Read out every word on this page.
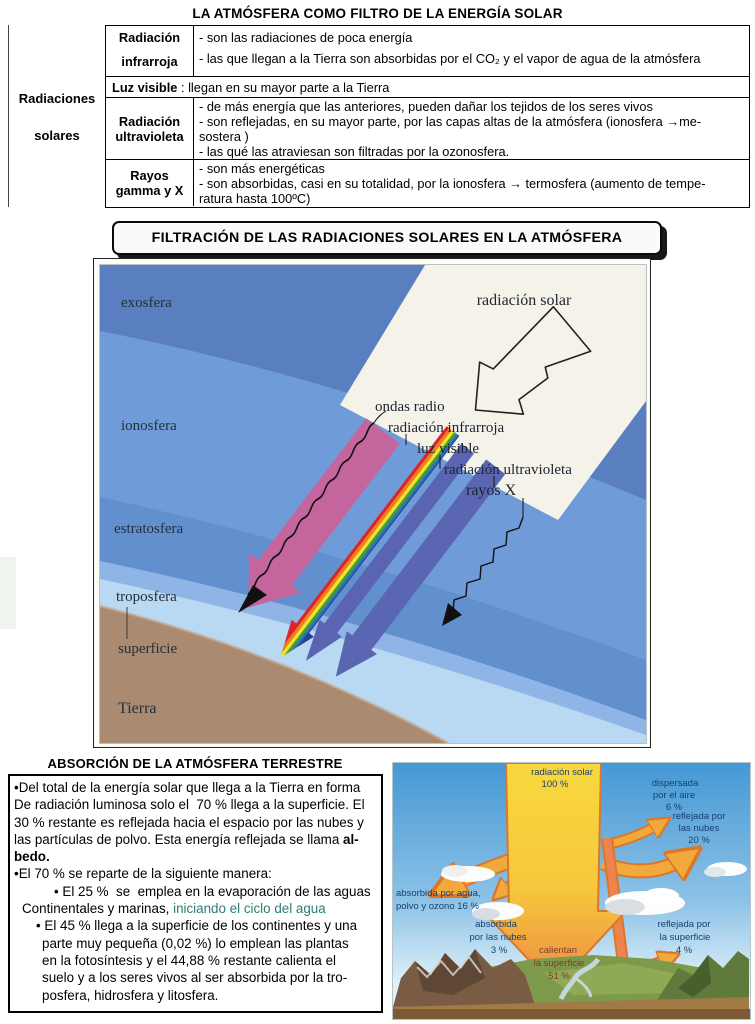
LA ATMÓSFERA COMO FILTRO DE LA ENERGÍA SOLAR
Radiaciones
solares
Radiación
infrarroja
- son las radiaciones de poca energía
- las que llegan a la Tierra son absorbidas por el CO₂ y el vapor de agua de la atmósfera
Luz visible : llegan en su mayor parte a la Tierra
Radiación
ultravioleta
- de más energía que las anteriores, pueden dañar los tejidos de los seres vivos
- son reflejadas, en su mayor parte, por las capas altas de la atmósfera (ionosfera →me-
sostera )
- las qué las atraviesan son filtradas por la ozonosfera.
Rayos
gamma y X
- son más energéticas
- son absorbidas, casi en su totalidad, por la ionosfera → termosfera (aumento de tempe-
ratura hasta 100ºC)
FILTRACIÓN DE LAS RADIACIONES SOLARES EN LA ATMÓSFERA
exosfera
ionosfera
estratosfera
troposfera
superficie
Tierra
radiación solar
ondas radio
radiación infrarroja
luz visible
radiación ultravioleta
rayos X
ABSORCIÓN DE LA ATMÓSFERA TERRESTRE
•Del total de la energía solar que llega a la Tierra en forma
De radiación luminosa solo el  70 % llega a la superficie. El
30 % restante es reflejada hacia el espacio por las nubes y
las partículas de polvo. Esta energía reflejada se llama al-
bedo.
•El 70 % se reparte de la siguiente manera:
• El 25 %  se  emplea en la evaporación de las aguas
Continentales y marinas, iniciando el ciclo del agua
• El 45 % llega a la superficie de los continentes y una
parte muy pequeña (0,02 %) lo emplean las plantas
en la fotosíntesis y el 44,88 % restante calienta el
suelo y a los seres vivos al ser absorbida por la tro-
posfera, hidrosfera y litosfera.
radiación solar
100 %	dispersada
por el aire
6 %
reflejada por
las nubes
20 %
absorbida por agua,
polvo y ozono 16 %
absorbida
por las nubes
3 %	calientan
la superficie
51 %
reflejada por
la superficie
4 %
